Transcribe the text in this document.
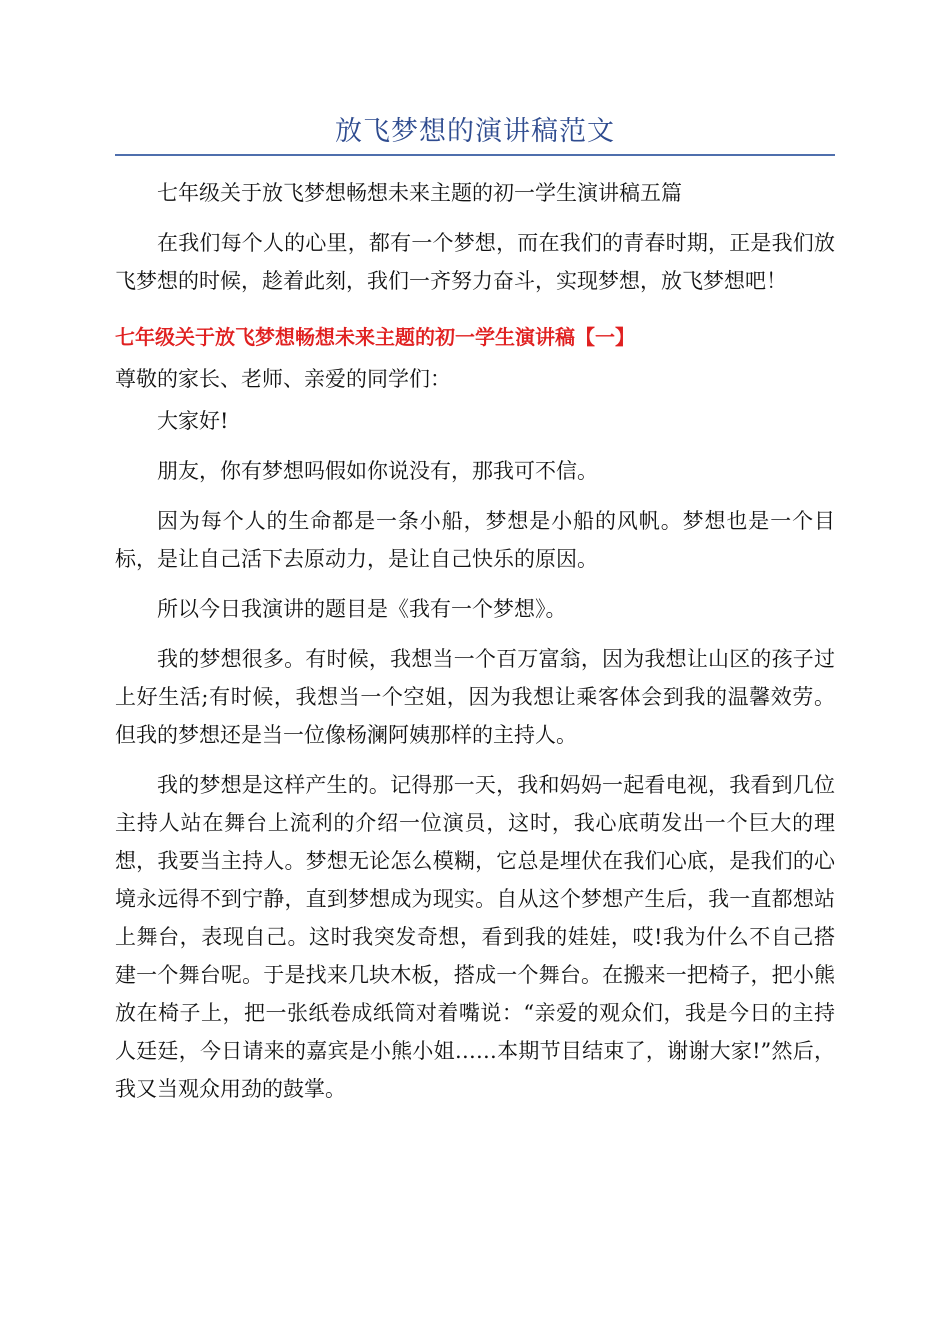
放飞梦想的演讲稿范文

七年级关于放飞梦想畅想未来主题的初一学生演讲稿五篇

在我们每个人的心里，都有一个梦想，而在我们的青春时期，正是我们放飞梦想的时候，趁着此刻，我们一齐努力奋斗，实现梦想，放飞梦想吧！

七年级关于放飞梦想畅想未来主题的初一学生演讲稿【一】

尊敬的家长、老师、亲爱的同学们：

大家好!

朋友，你有梦想吗假如你说没有，那我可不信。

因为每个人的生命都是一条小船，梦想是小船的风帆。梦想也是一个目标，是让自己活下去原动力，是让自己快乐的原因。

所以今日我演讲的题目是《我有一个梦想》。

我的梦想很多。有时候，我想当一个百万富翁，因为我想让山区的孩子过上好生活;有时候，我想当一个空姐，因为我想让乘客体会到我的温馨效劳。但我的梦想还是当一位像杨澜阿姨那样的主持人。

我的梦想是这样产生的。记得那一天，我和妈妈一起看电视，我看到几位主持人站在舞台上流利的介绍一位演员，这时，我心底萌发出一个巨大的理想，我要当主持人。梦想无论怎么模糊，它总是埋伏在我们心底，是我们的心境永远得不到宁静，直到梦想成为现实。自从这个梦想产生后，我一直都想站上舞台，表现自己。这时我突发奇想，看到我的娃娃，哎!我为什么不自己搭建一个舞台呢。于是找来几块木板，搭成一个舞台。在搬来一把椅子，把小熊放在椅子上，把一张纸卷成纸筒对着嘴说：“亲爱的观众们，我是今日的主持人廷廷，今日请来的嘉宾是小熊小姐……本期节目结束了，谢谢大家!”然后，我又当观众用劲的鼓掌。
